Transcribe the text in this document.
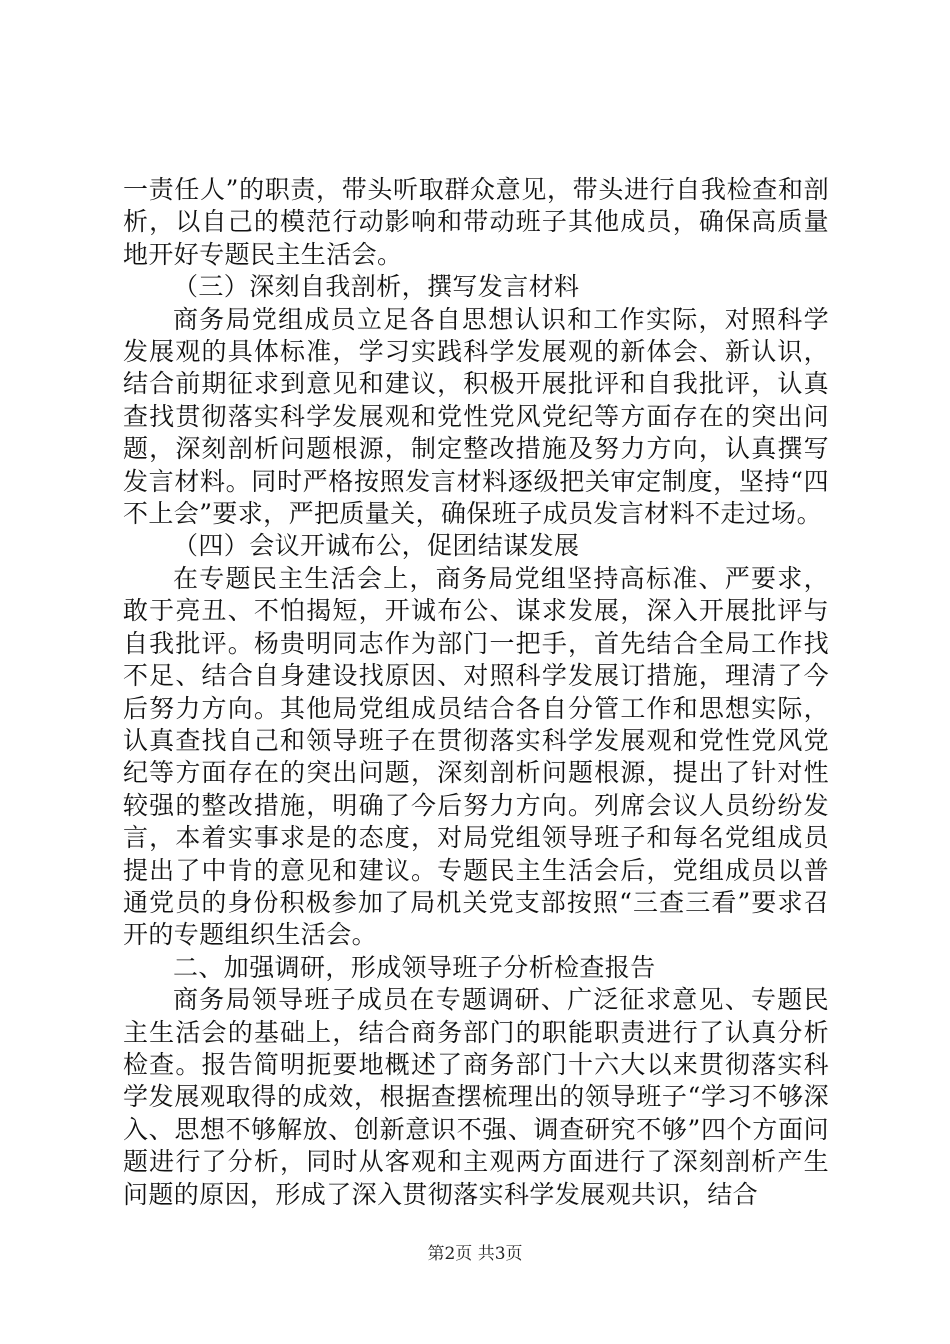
一责任人”的职责，带头听取群众意见，带头进行自我检查和剖析，以自己的模范行动影响和带动班子其他成员，确保高质量地开好专题民主生活会。

（三）深刻自我剖析，撰写发言材料

商务局党组成员立足各自思想认识和工作实际，对照科学发展观的具体标准，学习实践科学发展观的新体会、新认识，结合前期征求到意见和建议，积极开展批评和自我批评，认真查找贯彻落实科学发展观和党性党风党纪等方面存在的突出问题，深刻剖析问题根源，制定整改措施及努力方向，认真撰写发言材料。同时严格按照发言材料逐级把关审定制度，坚持“四不上会”要求，严把质量关，确保班子成员发言材料不走过场。

（四）会议开诚布公，促团结谋发展

在专题民主生活会上，商务局党组坚持高标准、严要求，敢于亮丑、不怕揭短，开诚布公、谋求发展，深入开展批评与自我批评。杨贵明同志作为部门一把手，首先结合全局工作找不足、结合自身建设找原因、对照科学发展订措施，理清了今后努力方向。其他局党组成员结合各自分管工作和思想实际，认真查找自己和领导班子在贯彻落实科学发展观和党性党风党纪等方面存在的突出问题，深刻剖析问题根源，提出了针对性较强的整改措施，明确了今后努力方向。列席会议人员纷纷发言，本着实事求是的态度，对局党组领导班子和每名党组成员提出了中肯的意见和建议。专题民主生活会后，党组成员以普通党员的身份积极参加了局机关党支部按照“三查三看”要求召开的专题组织生活会。

二、加强调研，形成领导班子分析检查报告

商务局领导班子成员在专题调研、广泛征求意见、专题民主生活会的基础上，结合商务部门的职能职责进行了认真分析检查。报告简明扼要地概述了商务部门十六大以来贯彻落实科学发展观取得的成效，根据查摆梳理出的领导班子“学习不够深入、思想不够解放、创新意识不强、调查研究不够”四个方面问题进行了分析，同时从客观和主观两方面进行了深刻剖析产生问题的原因，形成了深入贯彻落实科学发展观共识，结合

第2页 共3页
